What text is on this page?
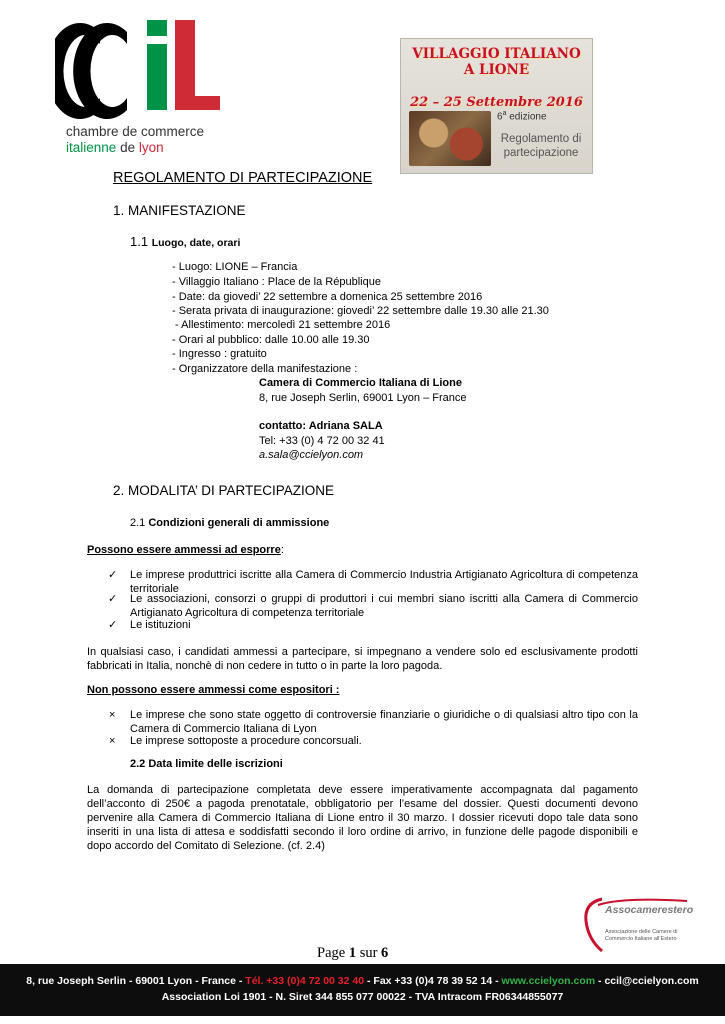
chambre de commerce
italienne de lyon
VILLAGGIO ITALIANO
A LIONE
22 – 25 Settembre 2016
6$^a$ edizione
Regolamento di
partecipazione
REGOLAMENTO DI PARTECIPAZIONE
1. MANIFESTAZIONE
1.1 Luogo, date, orari
- Luogo: LIONE – Francia
- Villaggio Italiano : Place de la République
- Date: da giovedi’ 22 settembre a domenica 25 settembre 2016
- Serata privata di inaugurazione: giovedi’ 22 settembre dalle 19.30 alle 21.30
- Allestimento: mercoledì 21 settembre 2016
- Orari al pubblico: dalle 10.00 alle 19.30
- Ingresso : gratuito
- Organizzatore della manifestazione :
Camera di Commercio Italiana di Lione
8, rue Joseph Serlin, 69001 Lyon – France
contatto: Adriana SALA
Tel: +33 (0) 4 72 00 32 41
a.sala@ccielyon.com
2. MODALITA’ DI PARTECIPAZIONE
2.1 Condizioni generali di ammissione
Possono essere ammessi ad esporre:
✓ Le imprese produttrici iscritte alla Camera di Commercio Industria Artigianato Agricoltura di competenza territoriale
✓ Le associazioni, consorzi o gruppi di produttori i cui membri siano iscritti alla Camera di Commercio Artigianato Agricoltura di competenza territoriale
✓ Le istituzioni
In qualsiasi caso, i candidati ammessi a partecipare, si impegnano a vendere solo ed esclusivamente prodotti fabbricati in Italia, nonchè di non cedere in tutto o in parte la loro pagoda.
Non possono essere ammessi come espositori :
× Le imprese che sono state oggetto di controversie finanziarie o giuridiche o di qualsiasi altro tipo con la Camera di Commercio Italiana di Lyon
× Le imprese sottoposte a procedure concorsuali.
2.2 Data limite delle iscrizioni
La domanda di partecipazione completata deve essere imperativamente accompagnata dal pagamento dell’acconto di 250€ a pagoda prenotatale, obbligatorio per l’esame del dossier. Questi documenti devono pervenire alla Camera di Commercio Italiana di Lione entro il 30 marzo. I dossier ricevuti dopo tale data sono inseriti in una lista di attesa e soddisfatti secondo il loro ordine di arrivo, in funzione delle pagode disponibili e dopo accordo del Comitato di Selezione. (cf. 2.4)
Assocamerestero
Associazione delle Camere di Commercio Italiane all’Estero
Page 1 sur 6
8, rue Joseph Serlin - 69001 Lyon - France - Tél. +33 (0)4 72 00 32 40 - Fax +33 (0)4 78 39 52 14 - www.ccielyon.com - ccil@ccielyon.com
Association Loi 1901 - N. Siret 344 855 077 00022 - TVA Intracom FR06344855077
